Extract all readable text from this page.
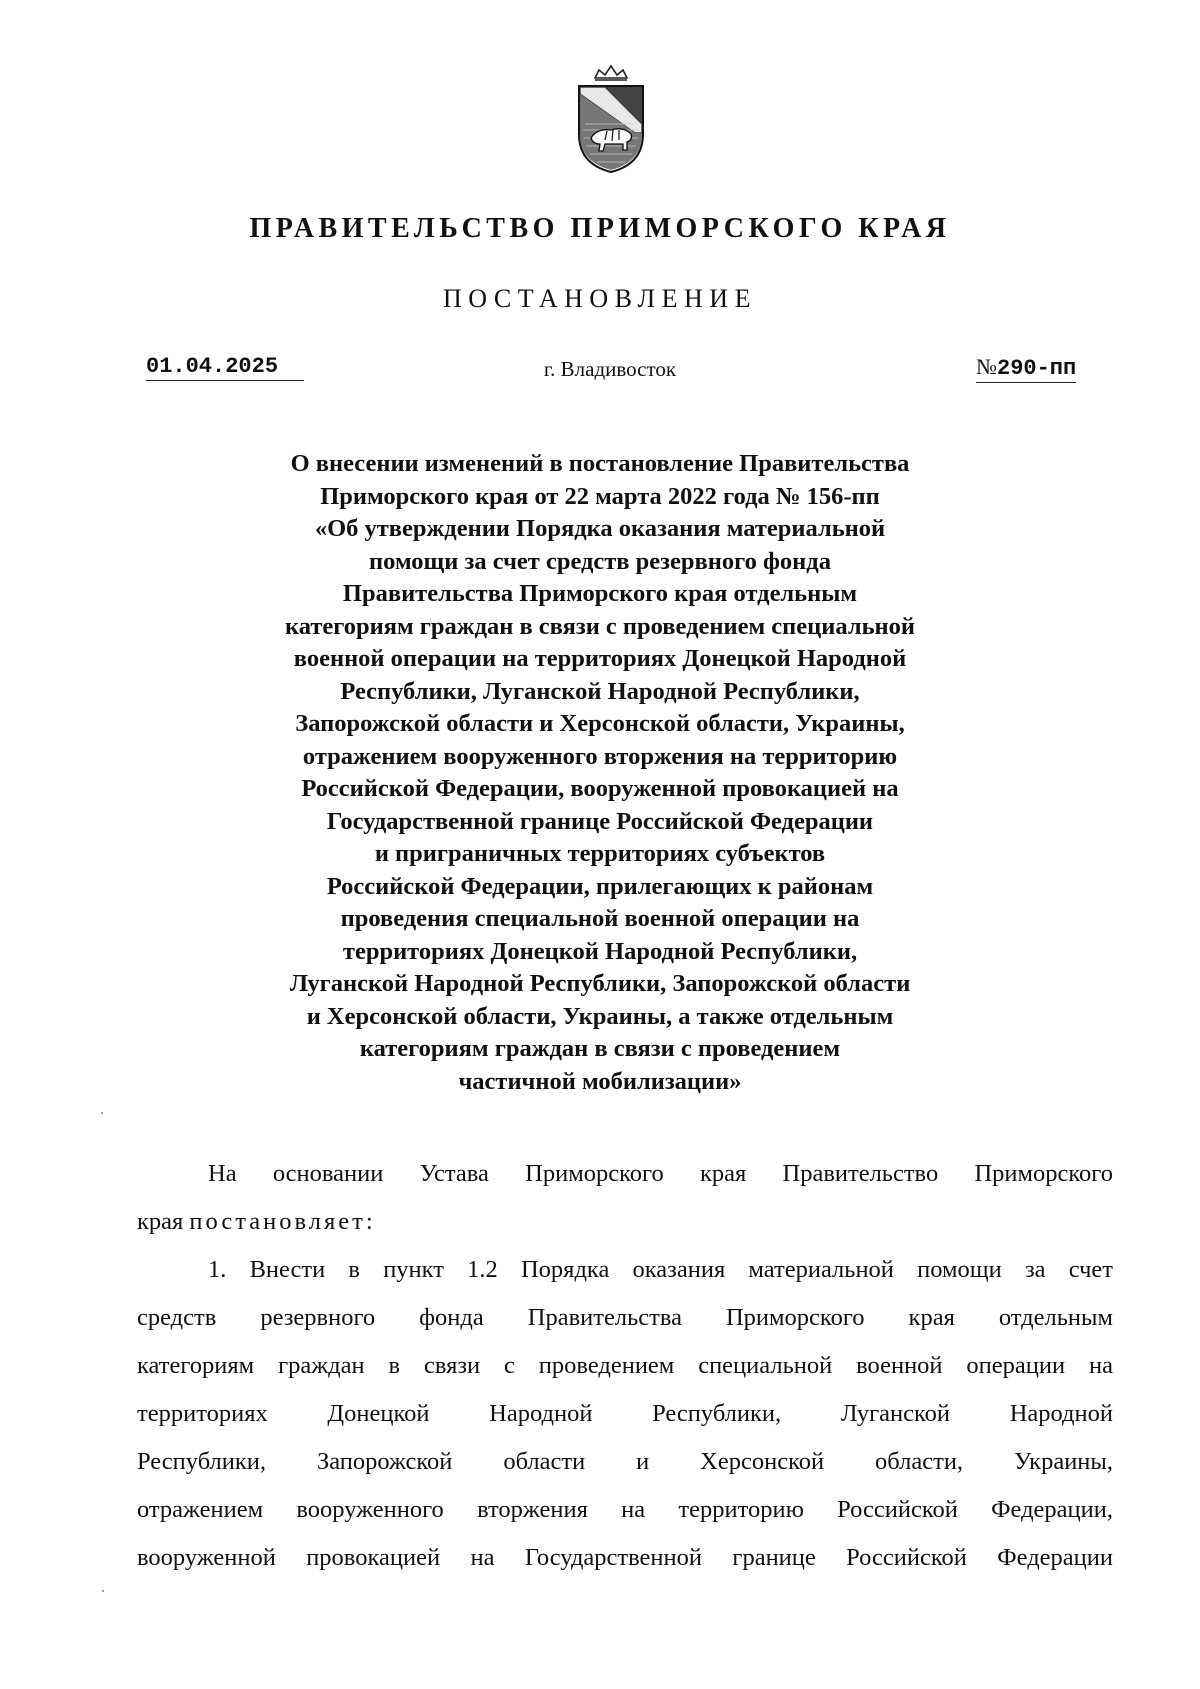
ПРАВИТЕЛЬСТВО ПРИМОРСКОГО КРАЯ
ПОСТАНОВЛЕНИЕ
01.04.2025	г. Владивосток	№290-пп
О внесении изменений в постановление Правительства
Приморского края от 22 марта 2022 года № 156-пп
«Об утверждении Порядка оказания материальной
помощи за счет средств резервного фонда
Правительства Приморского края отдельным
категориям граждан в связи с проведением специальной
военной операции на территориях Донецкой Народной
Республики, Луганской Народной Республики,
Запорожской области и Херсонской области, Украины,
отражением вооруженного вторжения на территорию
Российской Федерации, вооруженной провокацией на
Государственной границе Российской Федерации
и приграничных территориях субъектов
Российской Федерации, прилегающих к районам
проведения специальной военной операции на
территориях Донецкой Народной Республики,
Луганской Народной Республики, Запорожской области
и Херсонской области, Украины, а также отдельным
категориям граждан в связи с проведением
частичной мобилизации»
На основании Устава Приморского края Правительство Приморского
края постановляет:
1. Внести в пункт 1.2 Порядка оказания материальной помощи за счет
средств резервного фонда Правительства Приморского края отдельным
категориям граждан в связи с проведением специальной военной операции на
территориях Донецкой Народной Республики, Луганской Народной
Республики, Запорожской области и Херсонской области, Украины,
отражением вооруженного вторжения на территорию Российской Федерации,
вооруженной провокацией на Государственной границе Российской Федерации
